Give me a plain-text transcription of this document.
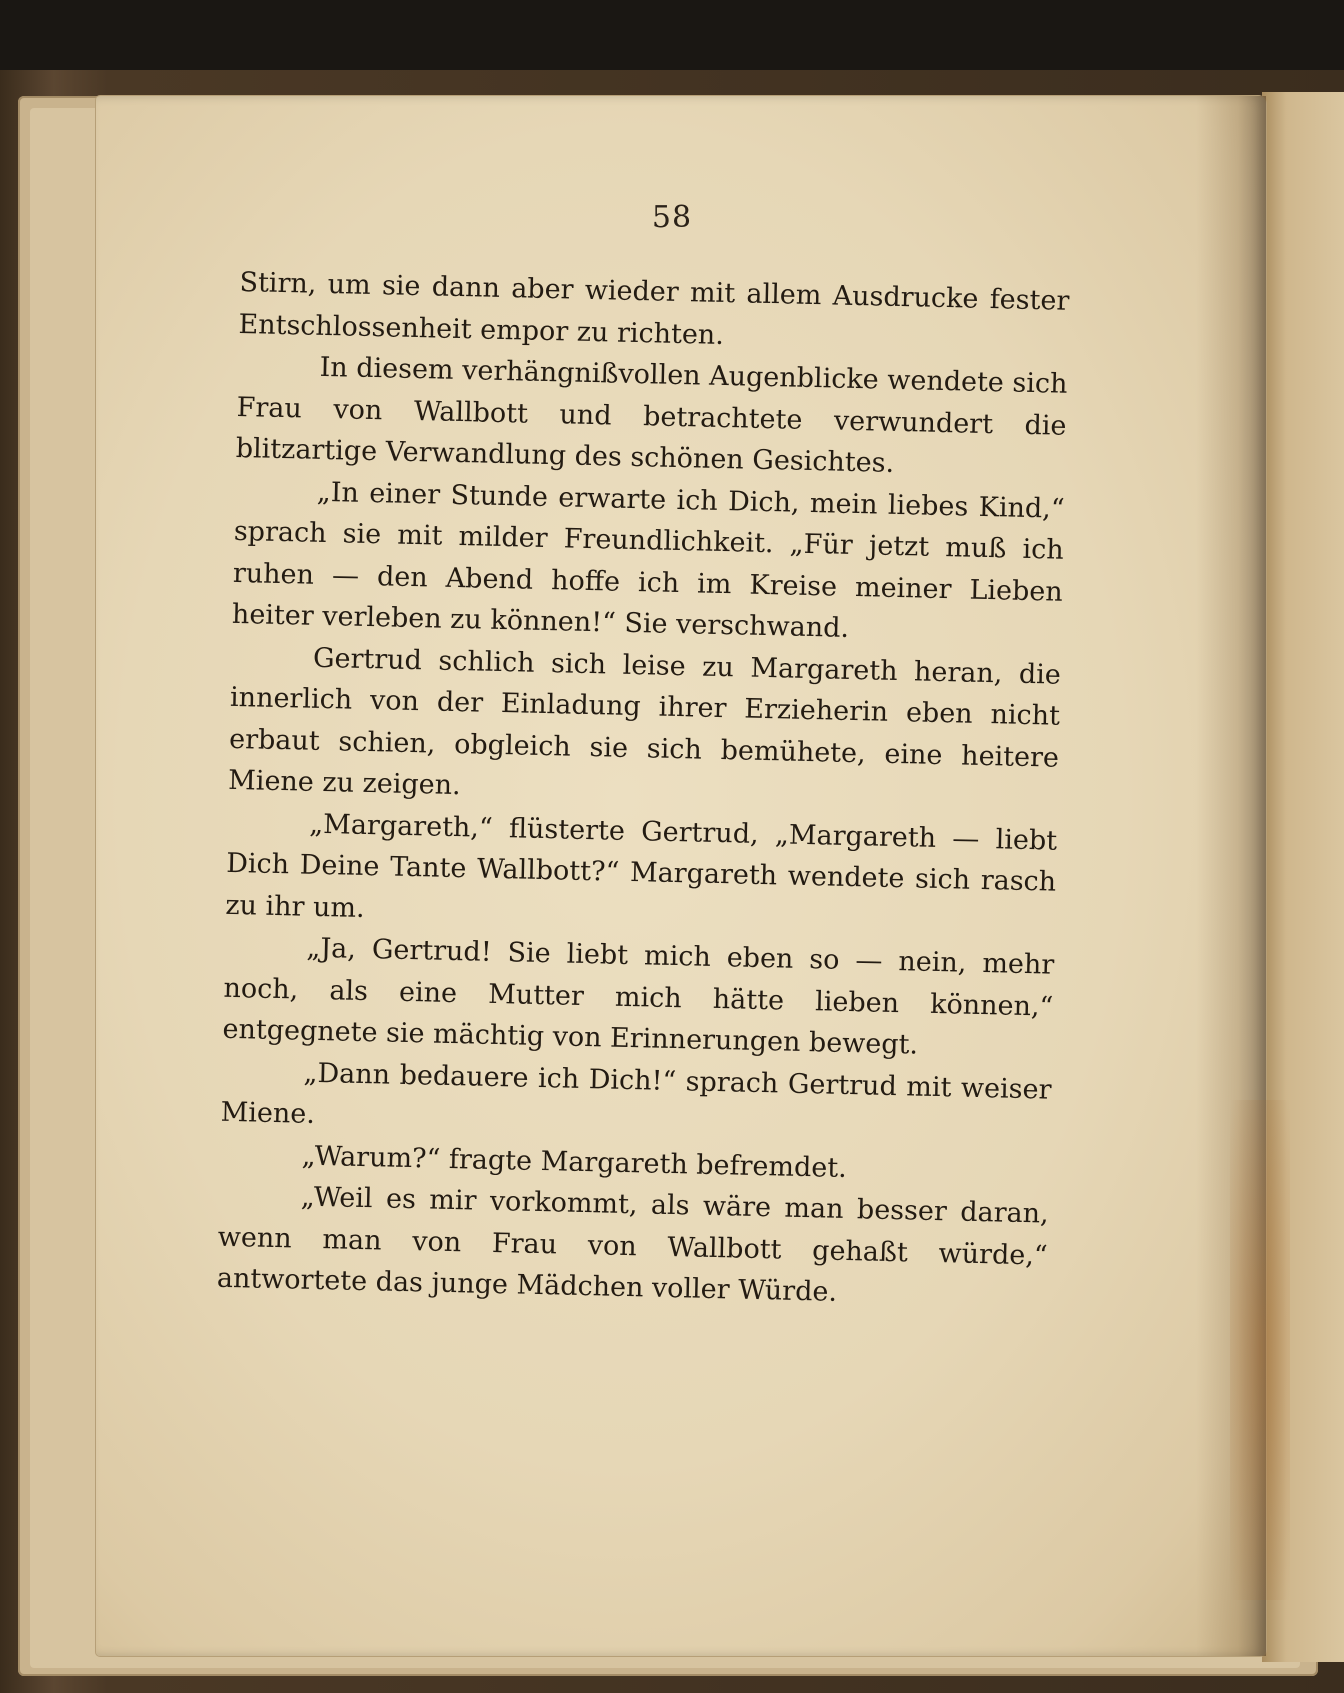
58

Stirn, um sie dann aber wieder mit allem Ausdrucke fester Entschlossenheit empor zu richten.

In diesem verhängnißvollen Augenblicke wendete sich Frau von Wallbott und betrachtete verwundert die blitzartige Verwandlung des schönen Gesichtes.

„In einer Stunde erwarte ich Dich, mein liebes Kind,“ sprach sie mit milder Freundlichkeit. „Für jetzt muß ich ruhen — den Abend hoffe ich im Kreise meiner Lieben heiter verleben zu können!“ Sie verschwand.

Gertrud schlich sich leise zu Margareth heran, die innerlich von der Einladung ihrer Erzieherin eben nicht erbaut schien, obgleich sie sich bemühete, eine heitere Miene zu zeigen.

„Margareth,“ flüsterte Gertrud, „Margareth — liebt Dich Deine Tante Wallbott?“ Margareth wendete sich rasch zu ihr um.

„Ja, Gertrud! Sie liebt mich eben so — nein, mehr noch, als eine Mutter mich hätte lieben können,“ entgegnete sie mächtig von Erinnerungen bewegt.

„Dann bedauere ich Dich!“ sprach Gertrud mit weiser Miene.

„Warum?“ fragte Margareth befremdet.

„Weil es mir vorkommt, als wäre man besser daran, wenn man von Frau von Wallbott gehaßt würde,“ antwortete das junge Mädchen voller Würde.
